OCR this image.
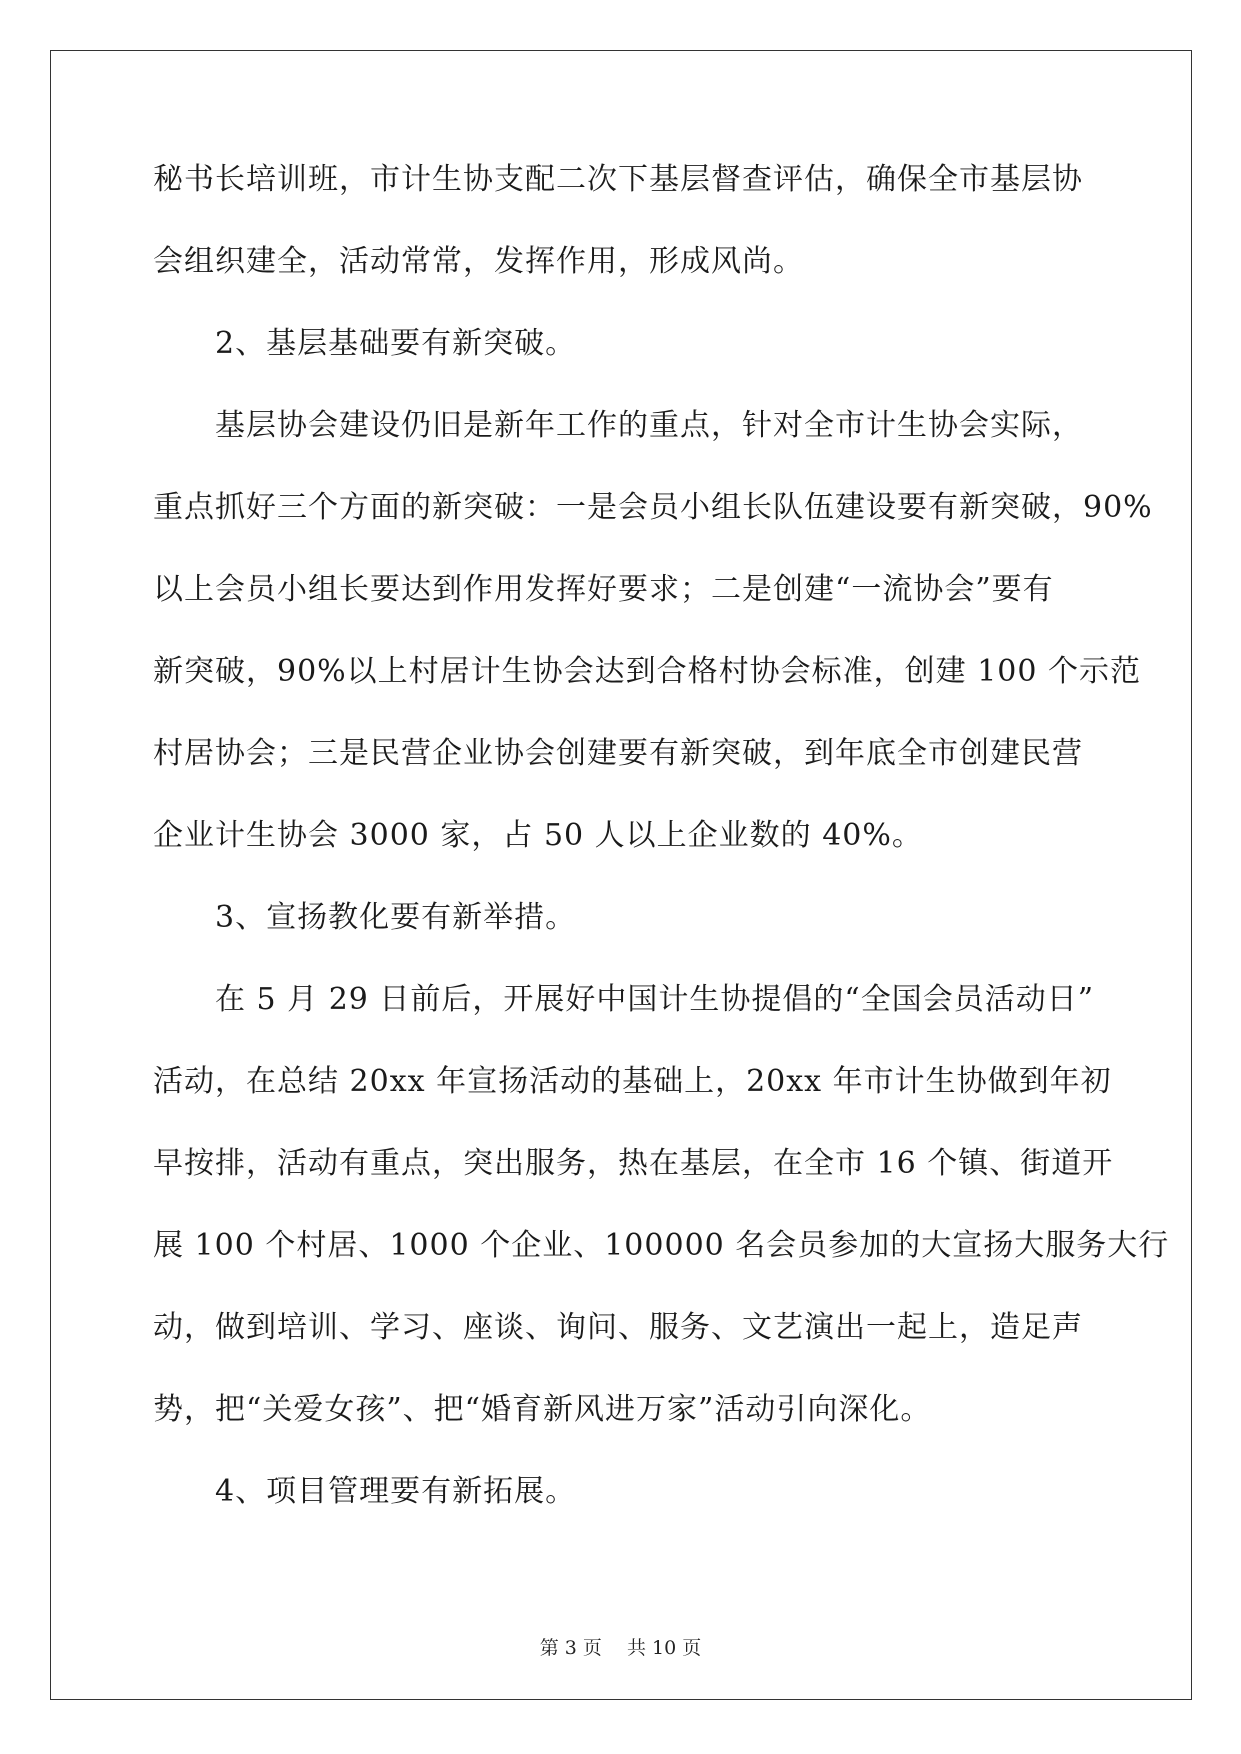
秘书长培训班，市计生协支配二次下基层督查评估，确保全市基层协
会组织建全，活动常常，发挥作用，形成风尚。
2、基层基础要有新突破。
基层协会建设仍旧是新年工作的重点，针对全市计生协会实际，
重点抓好三个方面的新突破：一是会员小组长队伍建设要有新突破，90%
以上会员小组长要达到作用发挥好要求；二是创建“一流协会”要有
新突破，90%以上村居计生协会达到合格村协会标准，创建 100 个示范
村居协会；三是民营企业协会创建要有新突破，到年底全市创建民营
企业计生协会 3000 家，占 50 人以上企业数的 40%。
3、宣扬教化要有新举措。
在 5 月 29 日前后，开展好中国计生协提倡的“全国会员活动日”
活动，在总结 20xx 年宣扬活动的基础上，20xx 年市计生协做到年初
早按排，活动有重点，突出服务，热在基层，在全市 16 个镇、街道开
展 100 个村居、1000 个企业、100000 名会员参加的大宣扬大服务大行
动，做到培训、学习、座谈、询问、服务、文艺演出一起上，造足声
势，把“关爱女孩”、把“婚育新风进万家”活动引向深化。
4、项目管理要有新拓展。
第 3 页　 共 10 页
